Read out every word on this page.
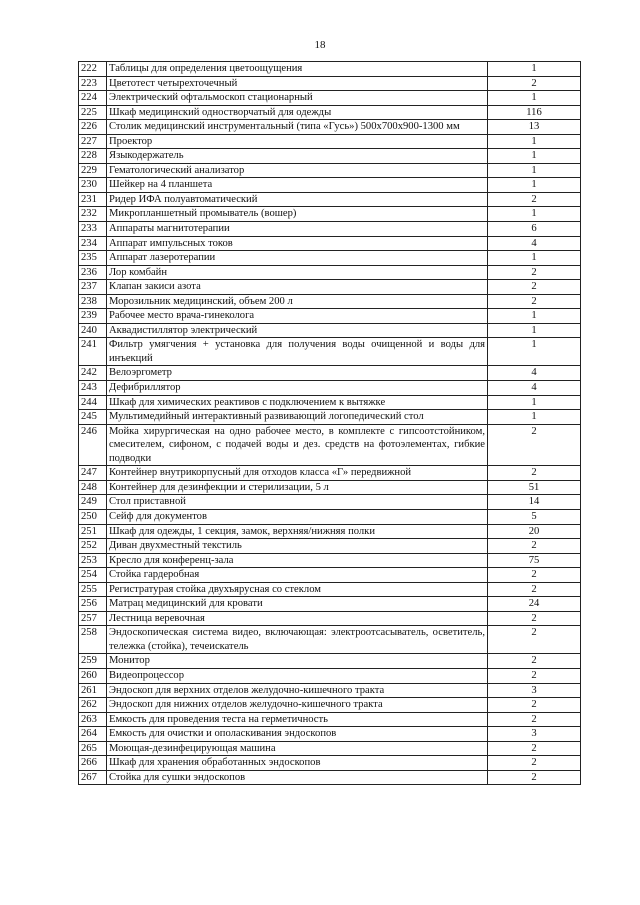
18
222	Таблицы для определения цветоощущения	1
223	Цветотест четырехточечный	2
224	Электрический офтальмоскоп стационарный	1
225	Шкаф медицинский одностворчатый для одежды	116
226	Столик медицинский инструментальный (типа «Гусь») 500х700х900-1300 мм	13
227	Проектор	1
228	Языкодержатель	1
229	Гематологический анализатор	1
230	Шейкер на 4 планшета	1
231	Ридер ИФА полуавтоматический	2
232	Микропланшетный промыватель (вошер)	1
233	Аппараты магнитотерапии	6
234	Аппарат импульсных токов	4
235	Аппарат лазеротерапии	1
236	Лор комбайн	2
237	Клапан закиси азота	2
238	Морозильник медицинский, объем 200 л	2
239	Рабочее место врача-гинеколога	1
240	Аквадистиллятор электрический	1
241	Фильтр умягчения + установка для получения воды очищенной и воды для инъекций	1
242	Велоэргометр	4
243	Дефибриллятор	4
244	Шкаф для химических реактивов с подключением к вытяжке	1
245	Мультимедийный интерактивный развивающий логопедический стол	1
246	Мойка хирургическая на одно рабочее место, в комплекте с гипсоотстойником, смесителем, сифоном, с подачей воды и дез. средств на фотоэлементах, гибкие подводки	2
247	Контейнер внутрикорпусный для отходов класса «Г» передвижной	2
248	Контейнер для дезинфекции и стерилизации, 5 л	51
249	Стол приставной	14
250	Сейф для документов	5
251	Шкаф для одежды, 1 секция, замок, верхняя/нижняя полки	20
252	Диван двухместный текстиль	2
253	Кресло для конференц-зала	75
254	Стойка гардеробная	2
255	Регистратурая стойка двухъярусная со стеклом	2
256	Матрац медицинский для кровати	24
257	Лестница веревочная	2
258	Эндоскопическая система видео, включающая: электроотсасыватель, осветитель, тележка (стойка), течеискатель	2
259	Монитор	2
260	Видеопроцессор	2
261	Эндоскоп для верхних отделов желудочно-кишечного тракта	3
262	Эндоскоп для нижних отделов желудочно-кишечного тракта	2
263	Емкость для проведения теста на герметичность	2
264	Емкость для очистки и ополаскивания эндоскопов	3
265	Моющая-дезинфецирующая машина	2
266	Шкаф для хранения обработанных эндоскопов	2
267	Стойка для сушки эндоскопов	2
